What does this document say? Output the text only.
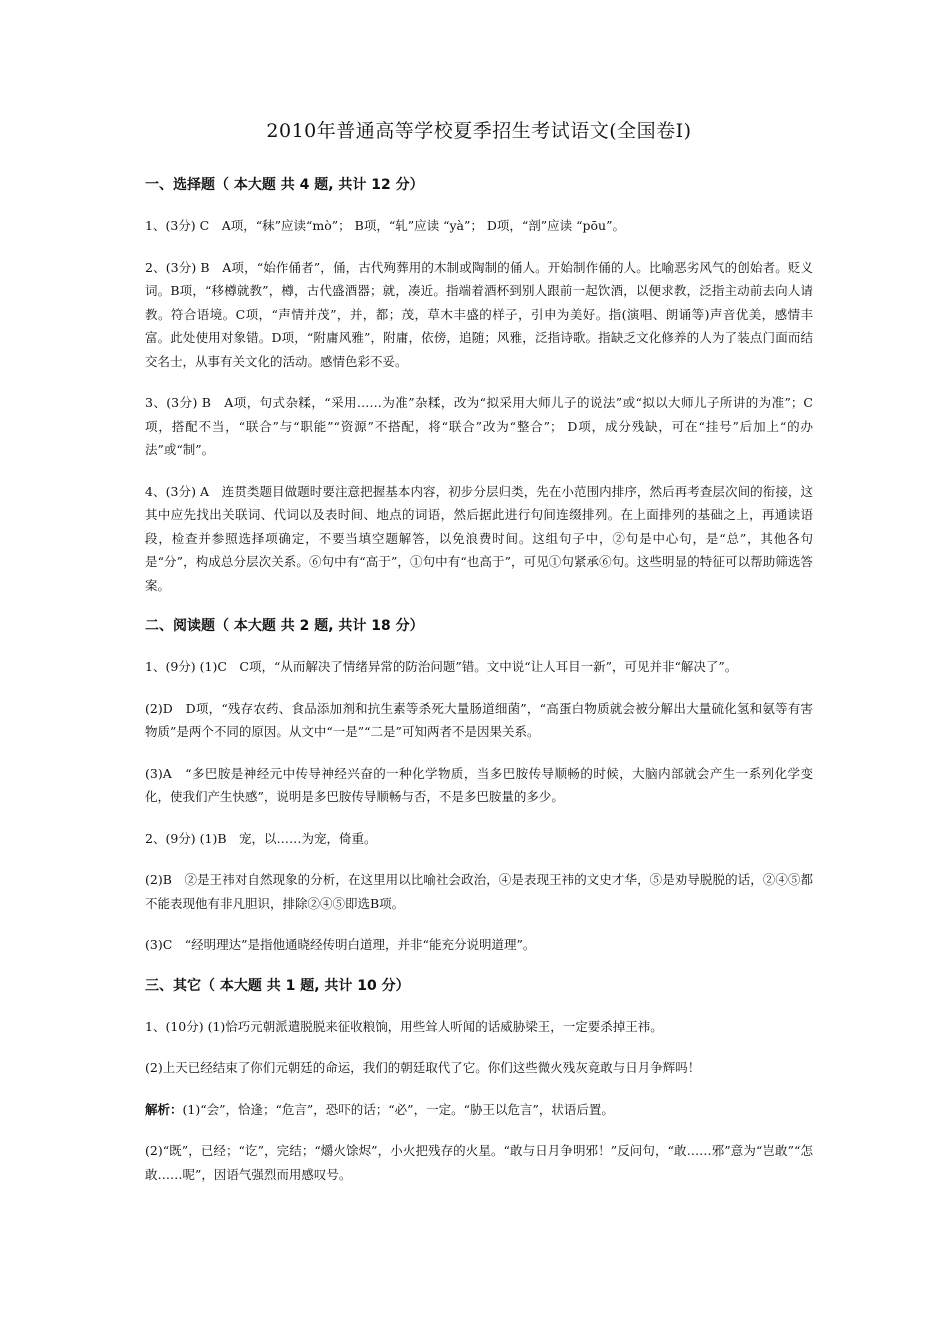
2010年普通高等学校夏季招生考试语文(全国卷Ⅰ)
一、选择题（ 本大题 共 4 题, 共计 12 分）

1、(3分) C　A项，“秣”应读“mò”； B项，“轧”应读 “yà”； D项，“剖”应读 “pōu”。

2、(3分) B　A项，“始作俑者”，俑，古代殉葬用的木制或陶制的俑人。开始制作俑的人。比喻恶劣风气的创始者。贬义词。B项，“移樽就教”，樽，古代盛酒器；就，凑近。指端着酒杯到别人跟前一起饮酒，以便求教，泛指主动前去向人请教。符合语境。C项，“声情并茂”，并，都；茂，草木丰盛的样子，引申为美好。指(演唱、朗诵等)声音优美，感情丰富。此处使用对象错。D项，“附庸风雅”，附庸，依傍，追随；风雅，泛指诗歌。指缺乏文化修养的人为了装点门面而结交名士，从事有关文化的活动。感情色彩不妥。

3、(3分) B　A项，句式杂糅，“采用……为准”杂糅，改为“拟采用大师儿子的说法”或“拟以大师儿子所讲的为准”；C项，搭配不当，“联合”与“职能”“资源”不搭配，将“联合”改为“整合”； D项，成分残缺，可在“挂号”后加上“的办法”或“制”。

4、(3分) A　连贯类题目做题时要注意把握基本内容，初步分层归类，先在小范围内排序，然后再考查层次间的衔接，这其中应先找出关联词、代词以及表时间、地点的词语，然后据此进行句间连缀排列。在上面排列的基础之上，再通读语段，检查并参照选择项确定，不要当填空题解答，以免浪费时间。这组句子中，②句是中心句，是“总”，其他各句是“分”，构成总分层次关系。⑥句中有“高于”，①句中有“也高于”，可见①句紧承⑥句。这些明显的特征可以帮助筛选答案。

二、阅读题（ 本大题 共 2 题, 共计 18 分）

1、(9分) (1)C　C项，“从而解决了情绪异常的防治问题”错。文中说“让人耳目一新”，可见并非“解决了”。

(2)D　D项，“残存农药、食品添加剂和抗生素等杀死大量肠道细菌”，“高蛋白物质就会被分解出大量硫化氢和氨等有害物质”是两个不同的原因。从文中“一是”“二是”可知两者不是因果关系。

(3)A　“多巴胺是神经元中传导神经兴奋的一种化学物质，当多巴胺传导顺畅的时候，大脑内部就会产生一系列化学变化，使我们产生快感”，说明是多巴胺传导顺畅与否，不是多巴胺量的多少。

2、(9分) (1)B　宠，以……为宠，倚重。

(2)B　②是王祎对自然现象的分析，在这里用以比喻社会政治，④是表现王祎的文史才华，⑤是劝导脱脱的话，②④⑤都不能表现他有非凡胆识，排除②④⑤即选B项。

(3)C　“经明理达”是指他通晓经传明白道理，并非“能充分说明道理”。

三、其它（ 本大题 共 1 题, 共计 10 分）

1、(10分) (1)恰巧元朝派遣脱脱来征收粮饷，用些耸人听闻的话威胁梁王，一定要杀掉王祎。

(2)上天已经结束了你们元朝廷的命运，我们的朝廷取代了它。你们这些微火残灰竟敢与日月争辉吗！

解析：(1)“会”，恰逢；“危言”，恐吓的话；“必”，一定。“胁王以危言”，状语后置。

(2)“既”，已经；“讫”，完结；“爝火馀烬”，小火把残存的火星。“敢与日月争明邪！”反问句，“敢……邪”意为“岂敢”“怎敢……呢”，因语气强烈而用感叹号。
